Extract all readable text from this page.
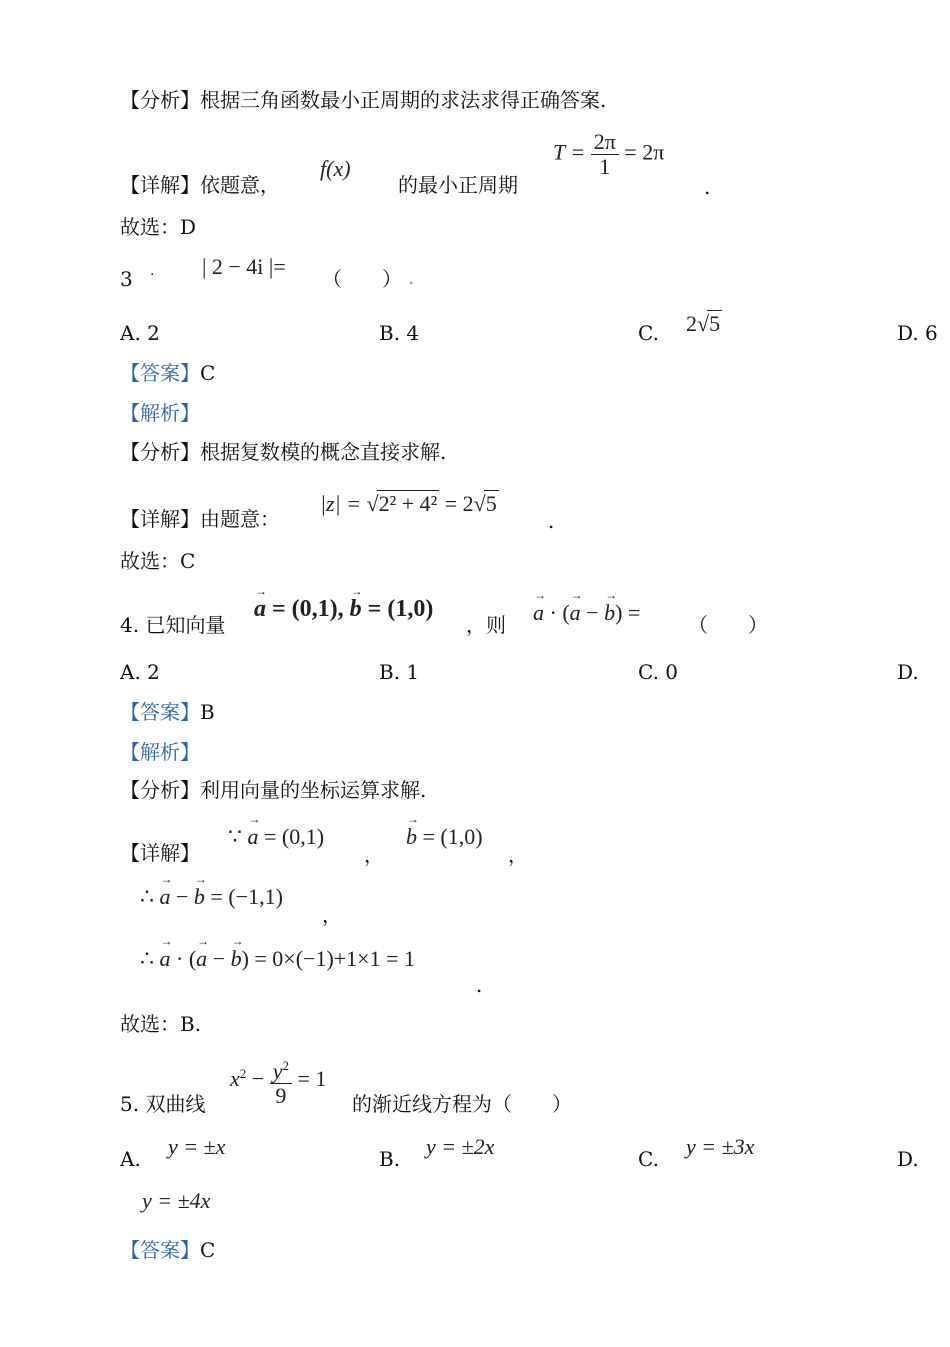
【分析】根据三角函数最小正周期的求法求得正确答案.
【详解】依题意，
f(x)
的最小正周期
$T = \frac{2\pi}{1} = 2\pi$
.
故选：D
3 · | 2 − 4i |= （　　） .
A. 2	B. 4	C. 2√5	D. 6
【答案】C
【解析】
【分析】根据复数模的概念直接求解.
【详解】由题意：
|z| = √2² + 4² = 2√5
.
故选：C
4. 已知向量
→ a = (0,1), → b = (1,0)
，则 → a · (→ a − → b) = （　　）
A. 2	B. 1	C. 0	D.
【答案】B
【解析】
【分析】利用向量的坐标运算求解.
【详解】
∵ → a = (0,1)
，
→ b = (1,0)
，
∴ → a − → b = (−1,1)
，
∴ → a · (→ a − → b) = 0×(−1)+1×1 = 1
.
故选：B.
5. 双曲线
$x^2 - \frac{y^2}{9} = 1$
的渐近线方程为（　　）
A. y = ±x	B. y = ±2x	C. y = ±3x	D.
y = ±4x
【答案】C
